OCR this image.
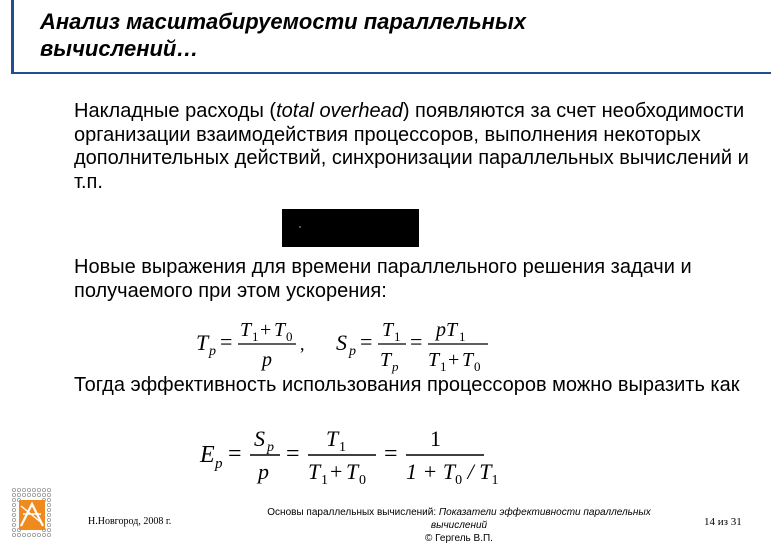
Анализ масштабируемости параллельных
вычислений…
Накладные расходы (total overhead) появляются за счет необходимости организации взаимодействия процессоров, выполнения некоторых дополнительных действий, синхронизации параллельных вычислений и т.п.
Новые выражения для времени параллельного решения задачи и получаемого при этом ускорения:
T p = T 1 + T 0
p
, S p = T 1
T p
= pT 1
T 1 + T 0
Тогда эффективность использования процессоров можно выразить как
E p =
S p
p
=
T 1
T 1 + T 0
=
1
$1 + T_0 / T_1$
Н.Новгород, 2008 г.
Основы параллельных вычислений: Показатели эффективности параллельных вычислений
© Гергель В.П.
14 из 31
